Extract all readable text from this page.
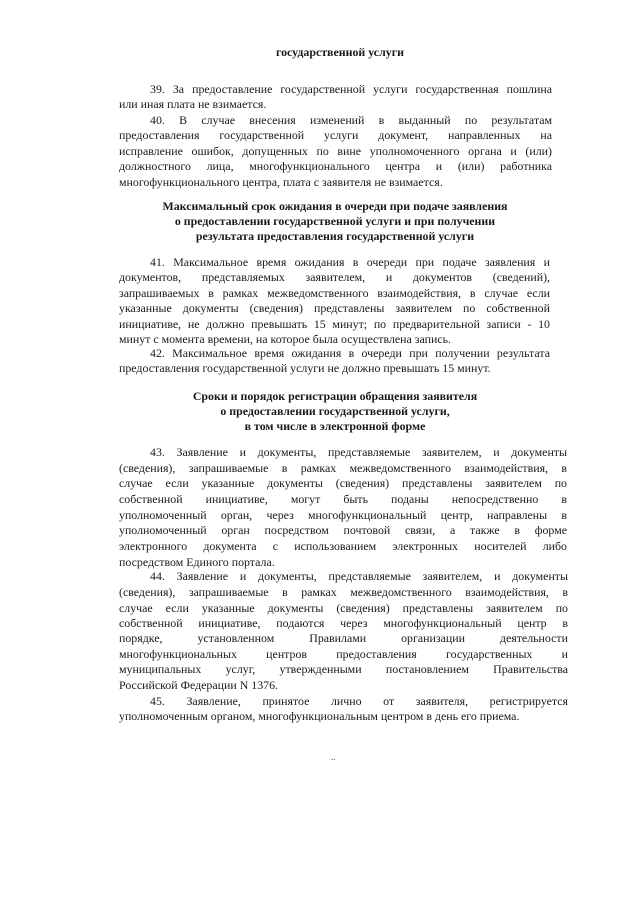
государственной услуги
39. За предоставление государственной услуги государственная пошлина
или иная плата не взимается.
40. В случае внесения изменений в выданный по результатам
предоставления государственной услуги документ, направленных на
исправление ошибок, допущенных по вине уполномоченного органа и (или)
должностного лица, многофункционального центра и (или) работника
многофункционального центра, плата с заявителя не взимается.
Максимальный срок ожидания в очереди при подаче заявления
о предоставлении государственной услуги и при получении
результата предоставления государственной услуги
41. Максимальное время ожидания в очереди при подаче заявления и
документов, представляемых заявителем, и документов (сведений),
запрашиваемых в рамках межведомственного взаимодействия, в случае если
указанные документы (сведения) представлены заявителем по собственной
инициативе, не должно превышать 15 минут; по предварительной записи - 10
минут с момента времени, на которое была осуществлена запись.
42. Максимальное время ожидания в очереди при получении результата
предоставления государственной услуги не должно превышать 15 минут.
Сроки и порядок регистрации обращения заявителя
о предоставлении государственной услуги,
в том числе в электронной форме
43. Заявление и документы, представляемые заявителем, и документы
(сведения), запрашиваемые в рамках межведомственного взаимодействия, в
случае если указанные документы (сведения) представлены заявителем по
собственной инициативе, могут быть поданы непосредственно в
уполномоченный орган, через многофункциональный центр, направлены в
уполномоченный орган посредством почтовой связи, а также в форме
электронного документа с использованием электронных носителей либо
посредством Единого портала.
44. Заявление и документы, представляемые заявителем, и документы
(сведения), запрашиваемые в рамках межведомственного взаимодействия, в
случае если указанные документы (сведения) представлены заявителем по
собственной инициативе, подаются через многофункциональный центр в
порядке, установленном Правилами организации деятельности
многофункциональных центров предоставления государственных и
муниципальных услуг, утвержденными постановлением Правительства
Российской Федерации N 1376.
45. Заявление, принятое лично от заявителя, регистрируется
уполномоченным органом, многофункциональным центром в день его приема.
..
